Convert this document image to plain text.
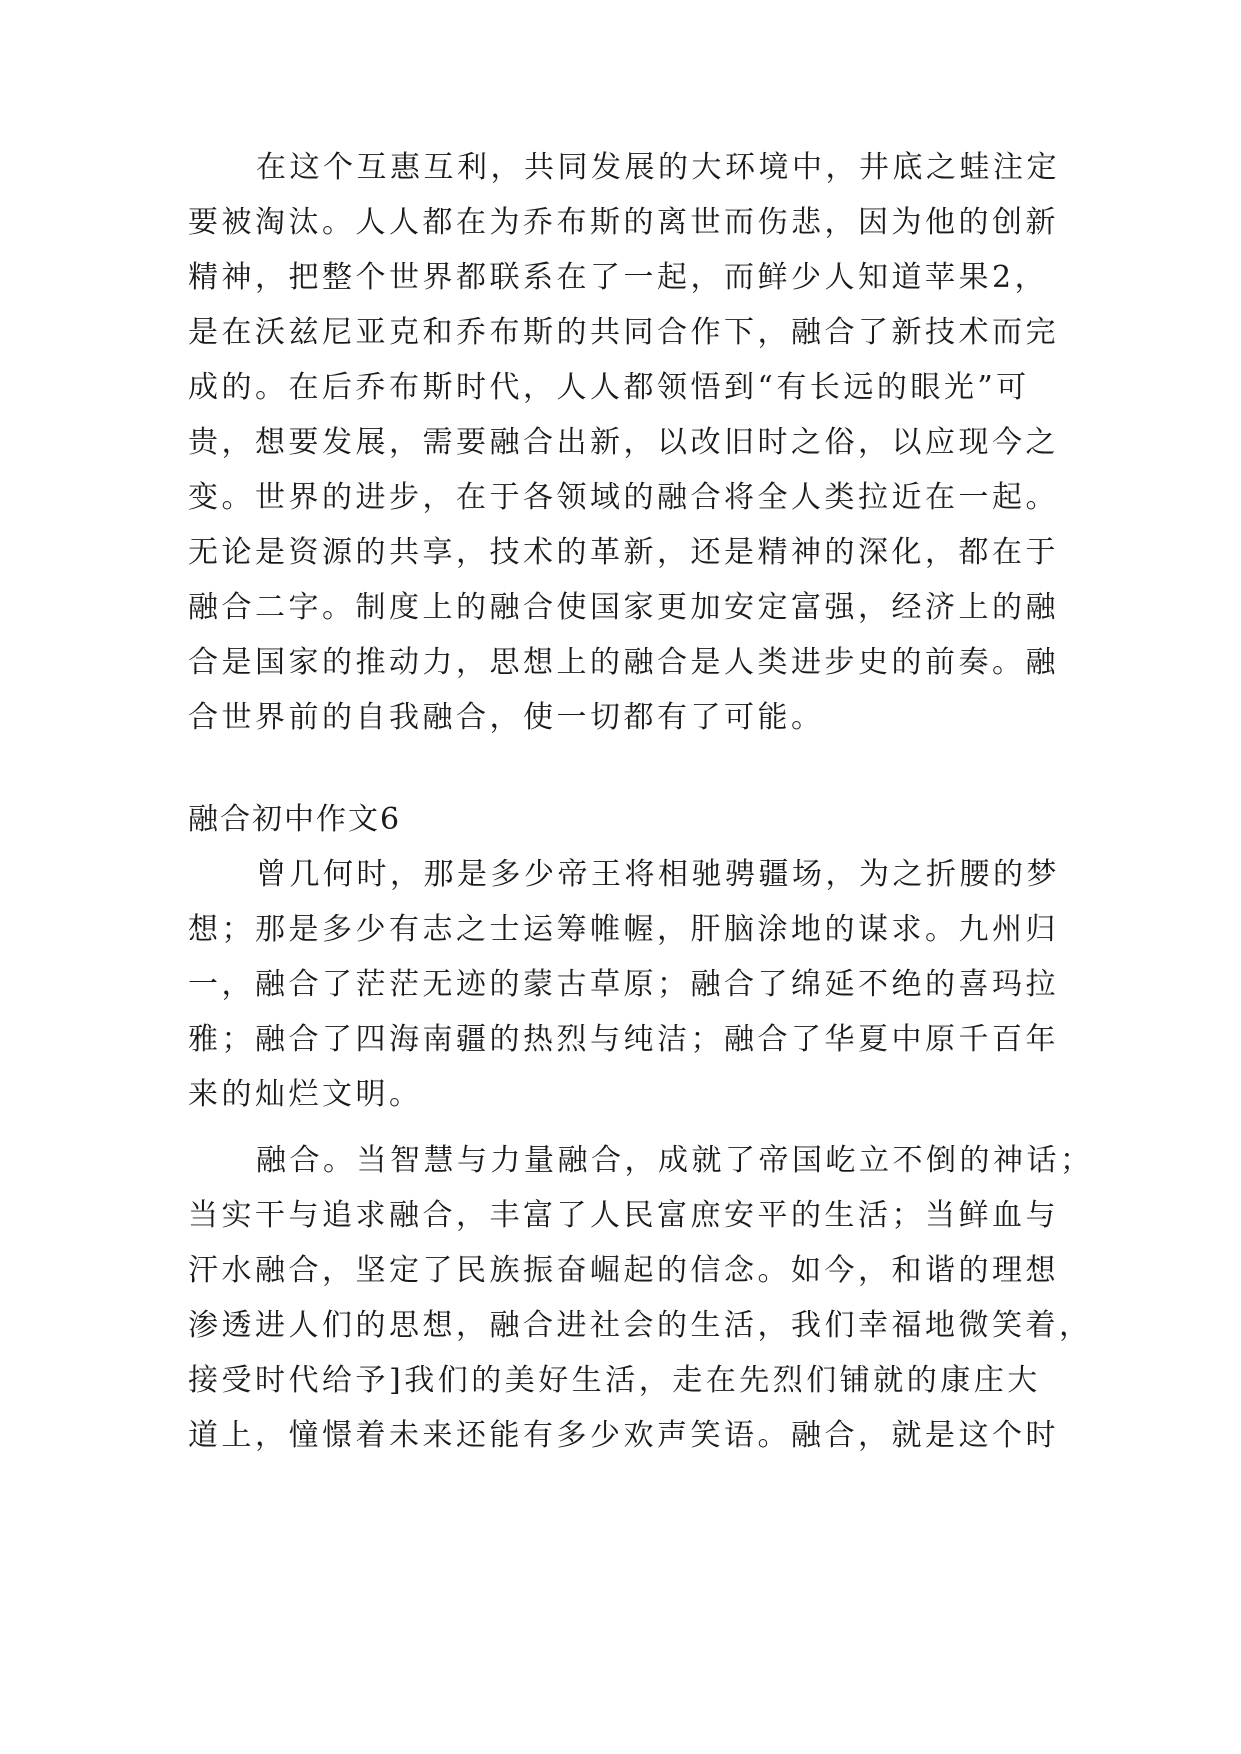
在这个互惠互利，共同发展的大环境中，井底之蛙注定

要被淘汰。人人都在为乔布斯的离世而伤悲，因为他的创新

精神，把整个世界都联系在了一起，而鲜少人知道苹果2，

是在沃兹尼亚克和乔布斯的共同合作下，融合了新技术而完

成的。在后乔布斯时代，人人都领悟到“有长远的眼光”可

贵，想要发展，需要融合出新，以改旧时之俗，以应现今之

变。世界的进步，在于各领域的融合将全人类拉近在一起。

无论是资源的共享，技术的革新，还是精神的深化，都在于

融合二字。制度上的融合使国家更加安定富强，经济上的融

合是国家的推动力，思想上的融合是人类进步史的前奏。融

合世界前的自我融合，使一切都有了可能。

融合初中作文6

曾几何时，那是多少帝王将相驰骋疆场，为之折腰的梦

想；那是多少有志之士运筹帷幄，肝脑涂地的谋求。九州归

一，融合了茫茫无迹的蒙古草原；融合了绵延不绝的喜玛拉

雅；融合了四海南疆的热烈与纯洁；融合了华夏中原千百年

来的灿烂文明。

融合。当智慧与力量融合，成就了帝国屹立不倒的神话；

当实干与追求融合，丰富了人民富庶安平的生活；当鲜血与

汗水融合，坚定了民族振奋崛起的信念。如今，和谐的理想

渗透进人们的思想，融合进社会的生活，我们幸福地微笑着，

接受时代给予]我们的美好生活，走在先烈们铺就的康庄大

道上，憧憬着未来还能有多少欢声笑语。融合，就是这个时
